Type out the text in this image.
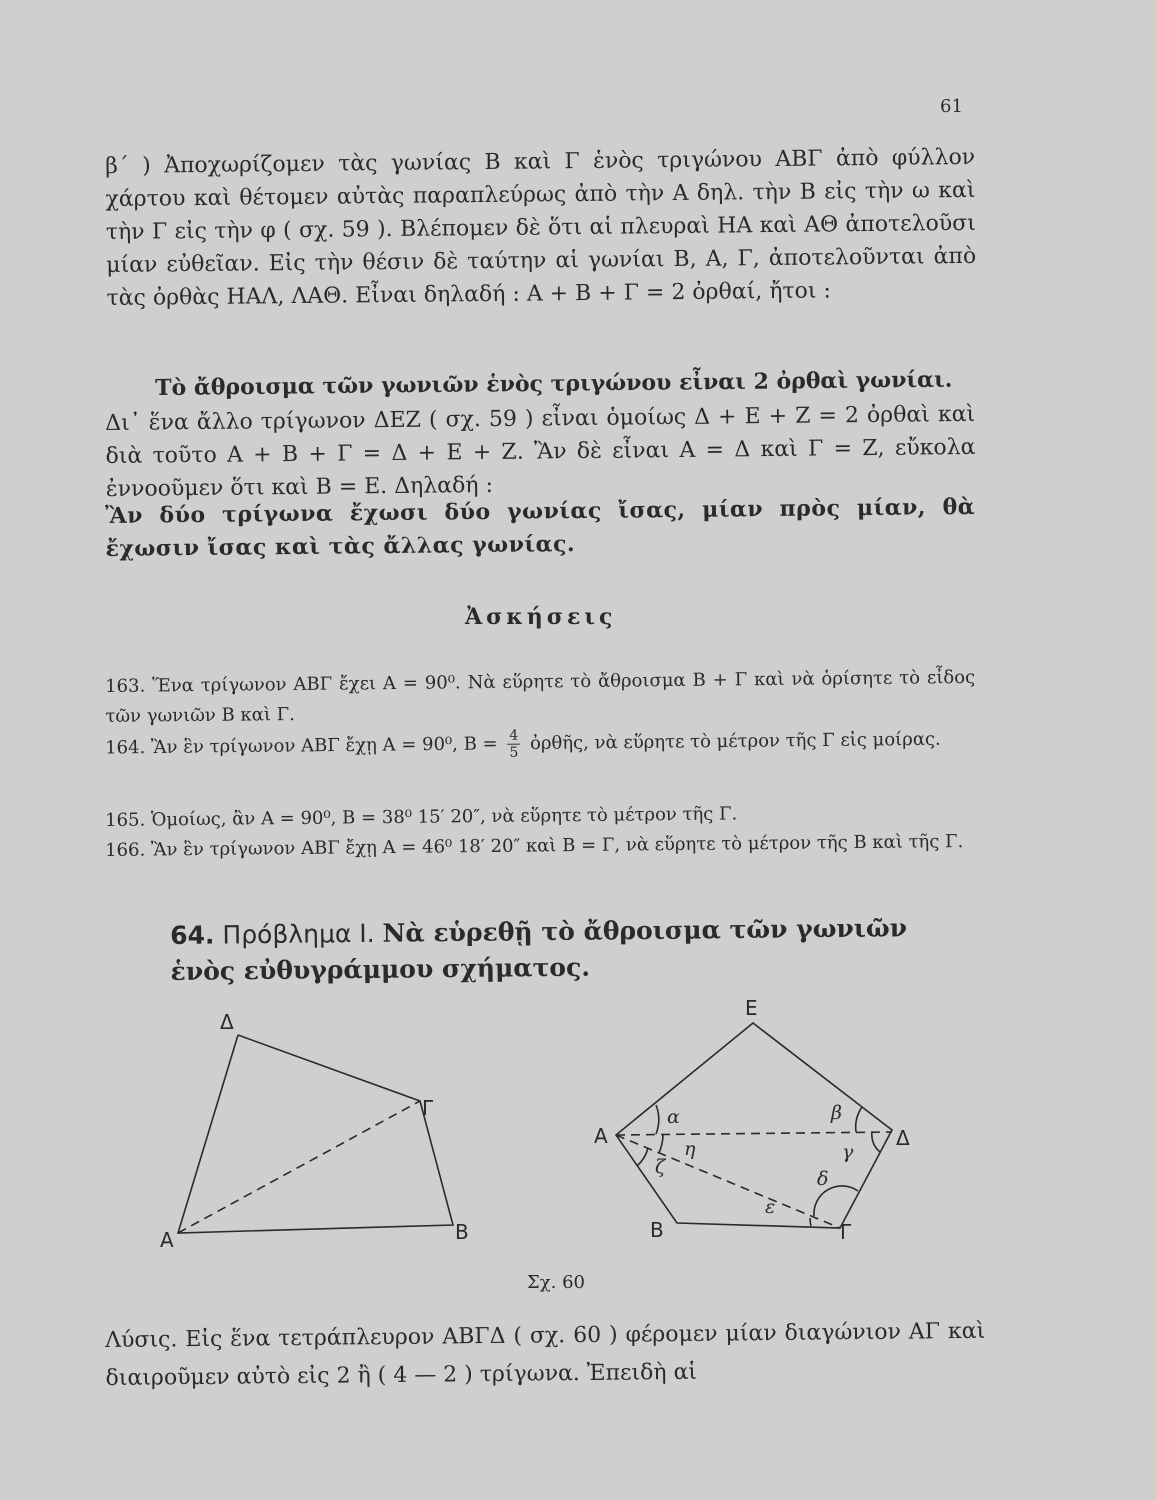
61
β΄ ) Ἀποχωρίζομεν τὰς γωνίας Β καὶ Γ ἑνὸς τριγώνου ΑΒΓ ἀπὸ φύλλον χάρτου καὶ θέτομεν αὐτὰς παραπλεύρως ἀπὸ τὴν Α δηλ. τὴν Β εἰς τὴν ω καὶ τὴν Γ εἰς τὴν φ ( σχ. 59 ). Βλέπομεν δὲ ὅτι αἱ πλευραὶ ΗΑ καὶ ΑΘ ἀποτελοῦσι μίαν εὐθεῖαν. Εἰς τὴν θέσιν δὲ ταύτην αἱ γωνίαι Β, Α, Γ, ἀποτελοῦνται ἀπὸ τὰς ὀρθὰς ΗΑΛ, ΛΑΘ. Εἶναι δηλαδή : Α + Β + Γ = 2 ὀρθαί, ἤτοι :
Τὸ ἄθροισμα τῶν γωνιῶν ἑνὸς τριγώνου εἶναι 2 ὀρθαὶ γωνίαι.
Δι᾽ ἕνα ἄλλο τρίγωνον ΔΕΖ ( σχ. 59 ) εἶναι ὁμοίως Δ + Ε + Ζ = 2 ὀρθαὶ καὶ διὰ τοῦτο Α + Β + Γ = Δ + Ε + Ζ. Ἂν δὲ εἶναι Α = Δ καὶ Γ = Ζ, εὔκολα ἐννοοῦμεν ὅτι καὶ Β = Ε. Δηλαδή :
Ἂν δύο τρίγωνα ἔχωσι δύο γωνίας ἴσας, μίαν πρὸς μίαν, θὰ ἔχωσιν ἴσας καὶ τὰς ἄλλας γωνίας.
Ἀσκήσεις
163. Ἕνα τρίγωνον ΑΒΓ ἔχει Α = 90⁰. Νὰ εὕρητε τὸ ἄθροισμα Β + Γ καὶ νὰ ὁρίσητε τὸ εἶδος τῶν γωνιῶν Β καὶ Γ.
164. Ἂν ἓν τρίγωνον ΑΒΓ ἔχῃ Α = 90⁰, $B = \frac{4}{5}$ ὀρθῆς, νὰ εὕρητε τὸ μέτρον τῆς Γ εἰς μοίρας.
165. Ὁμοίως, ἂν Α = 90⁰, Β = 38⁰ 15′ 20″, νὰ εὕρητε τὸ μέτρον τῆς Γ.
166. Ἂν ἓν τρίγωνον ΑΒΓ ἔχῃ Α = 46⁰ 18′ 20″ καὶ Β = Γ, νὰ εὕρητε τὸ μέτρον τῆς Β καὶ τῆς Γ.
64. Πρόβλημα Ι. Νὰ εὑρεθῇ τὸ ἄθροισμα τῶν γωνιῶν ἑνὸς εὐθυγράμμου σχήματος.
Δ
Γ
Α	Β
Ε
Α	Δ
Β	Γ
α	β
γ
δ
ε
ζ
η
Σχ. 60
Λύσις. Εἰς ἕνα τετράπλευρον ΑΒΓΔ ( σχ. 60 ) φέρομεν μίαν διαγώνιον ΑΓ καὶ διαιροῦμεν αὐτὸ εἰς 2 ἢ ( 4 — 2 ) τρίγωνα. Ἐπειδὴ αἱ
